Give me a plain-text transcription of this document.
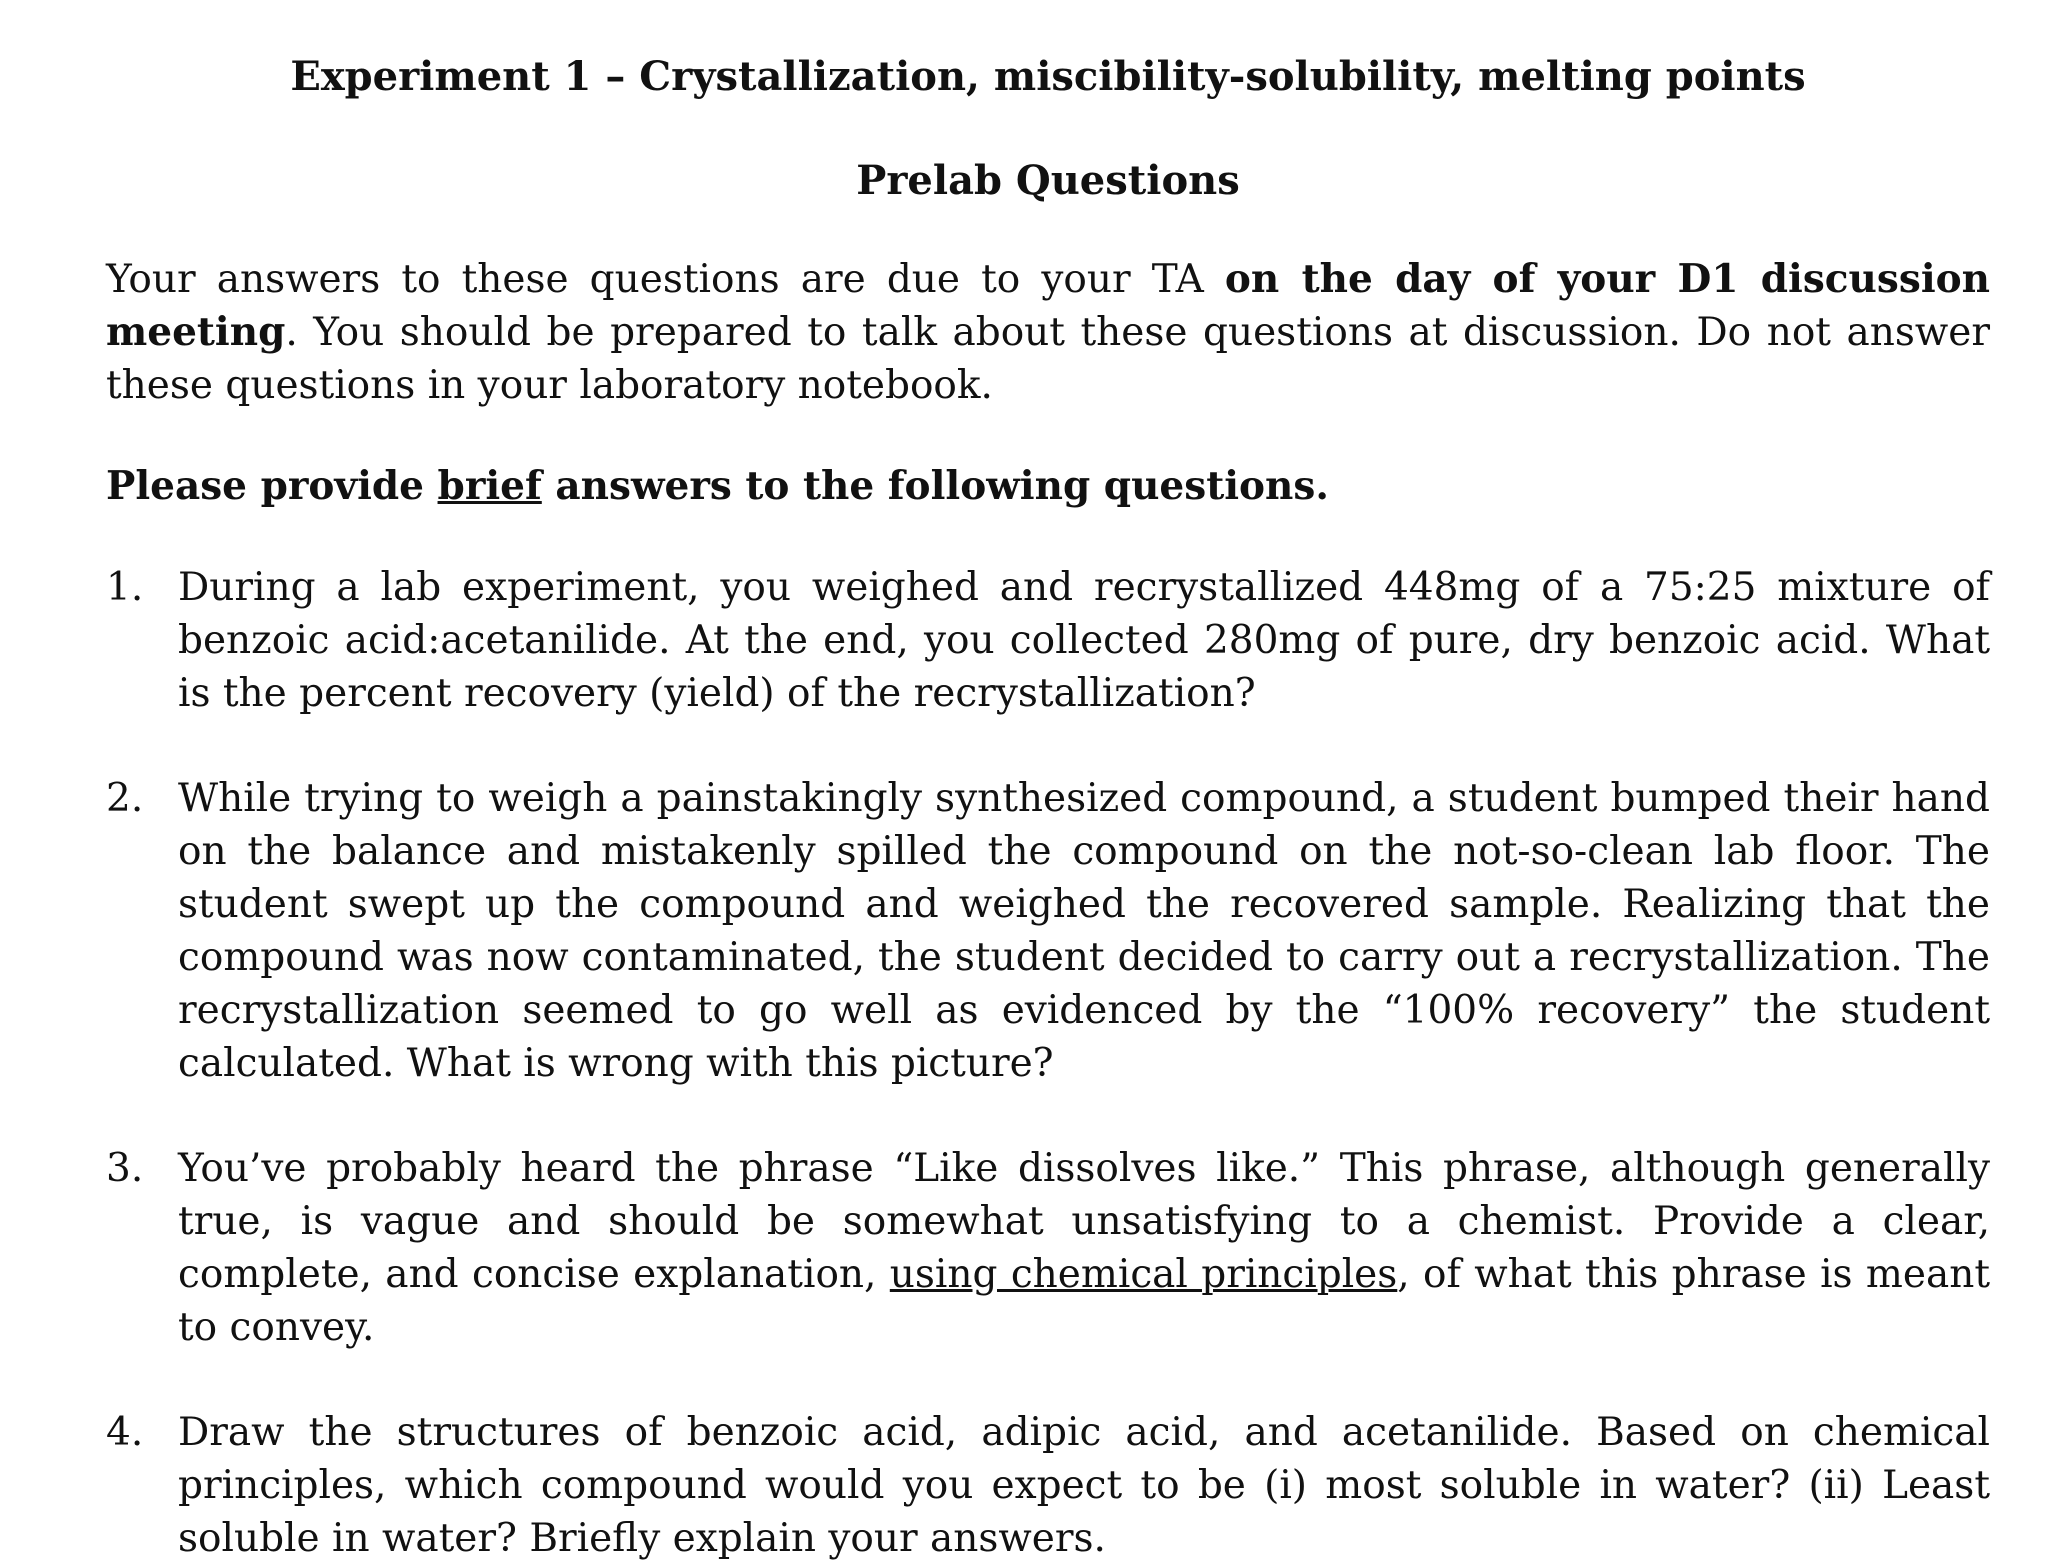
Experiment 1 – Crystallization, miscibility-solubility, melting points
Prelab Questions

Your answers to these questions are due to your TA on the day of your D1 discussion meeting. You should be prepared to talk about these questions at discussion. Do not answer these questions in your laboratory notebook.

Please provide brief answers to the following questions.

1. During a lab experiment, you weighed and recrystallized 448mg of a 75:25 mixture of benzoic acid:acetanilide. At the end, you collected 280mg of pure, dry benzoic acid. What is the percent recovery (yield) of the recrystallization?
2. While trying to weigh a painstakingly synthesized compound, a student bumped their hand on the balance and mistakenly spilled the compound on the not-so-clean lab floor. The student swept up the compound and weighed the recovered sample. Realizing that the compound was now contaminated, the student decided to carry out a recrystallization. The recrystallization seemed to go well as evidenced by the “100% recovery” the student calculated. What is wrong with this picture?
3. You’ve probably heard the phrase “Like dissolves like.” This phrase, although generally true, is vague and should be somewhat unsatisfying to a chemist. Provide a clear, complete, and concise explanation, using chemical principles, of what this phrase is meant to convey.
4. Draw the structures of benzoic acid, adipic acid, and acetanilide. Based on chemical principles, which compound would you expect to be (i) most soluble in water? (ii) Least soluble in water? Briefly explain your answers.
